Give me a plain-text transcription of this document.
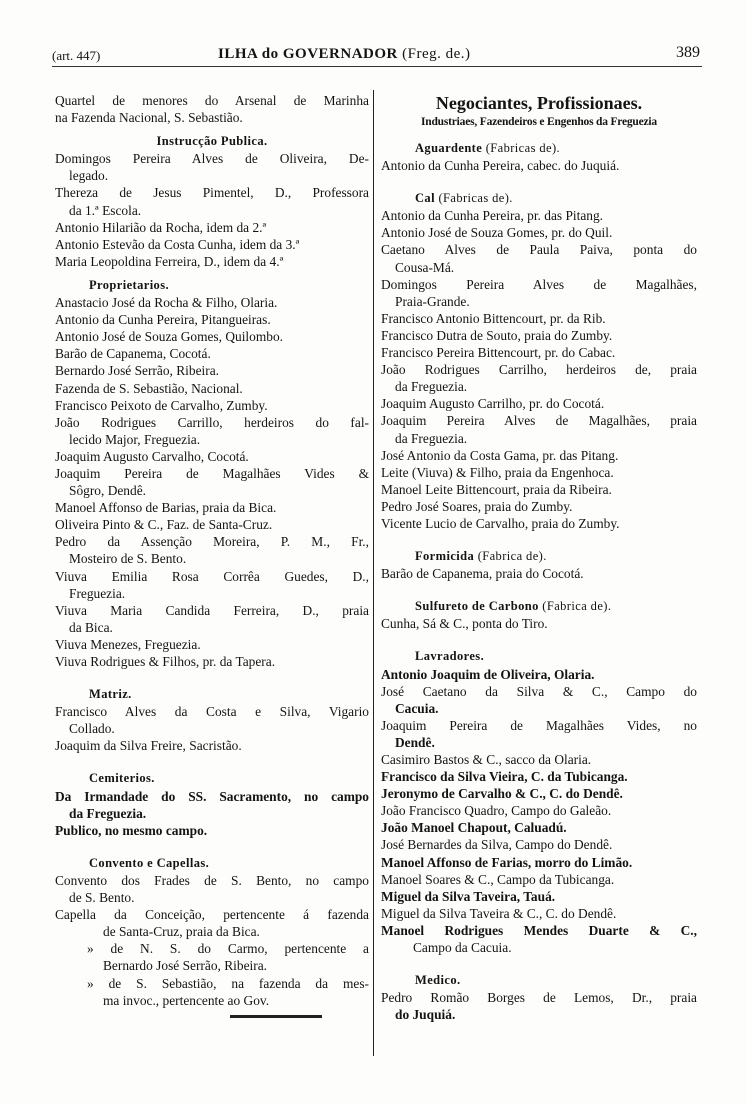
(art. 447)	ILHA do GOVERNADOR (Freg. de.)	389
Quartel de menores do Arsenal de Marinha
na Fazenda Nacional, S. Sebastião.
Instrucção Publica.
Domingos Pereira Alves de Oliveira, De-
legado.
Thereza de Jesus Pimentel, D., Professora
da 1.ª Escola.
Antonio Hilarião da Rocha, idem da 2.ª
Antonio Estevão da Costa Cunha, idem da 3.ª
Maria Leopoldina Ferreira, D., idem da 4.ª
Proprietarios.
Anastacio José da Rocha & Filho, Olaria.
Antonio da Cunha Pereira, Pitangueiras.
Antonio José de Souza Gomes, Quilombo.
Barão de Capanema, Cocotá.
Bernardo José Serrão, Ribeira.
Fazenda de S. Sebastião, Nacional.
Francisco Peixoto de Carvalho, Zumby.
João Rodrigues Carrillo, herdeiros do fal-
lecido Major, Freguezia.
Joaquim Augusto Carvalho, Cocotá.
Joaquim Pereira de Magalhães Vides &
Sôgro, Dendê.
Manoel Affonso de Barias, praia da Bica.
Oliveira Pinto & C., Faz. de Santa-Cruz.
Pedro da Assenção Moreira, P. M., Fr.,
Mosteiro de S. Bento.
Viuva Emilia Rosa Corrêa Guedes, D.,
Freguezia.
Viuva Maria Candida Ferreira, D., praia
da Bica.
Viuva Menezes, Freguezia.
Viuva Rodrigues & Filhos, pr. da Tapera.
Matriz.
Francisco Alves da Costa e Silva, Vigario
Collado.
Joaquim da Silva Freire, Sacristão.
Cemiterios.
Da Irmandade do SS. Sacramento, no campo
da Freguezia.
Publico, no mesmo campo.
Convento e Capellas.
Convento dos Frades de S. Bento, no campo
de S. Bento.
Capella da Conceição, pertencente á fazenda
de Santa-Cruz, praia da Bica.
» de N. S. do Carmo, pertencente a
Bernardo José Serrão, Ribeira.
» de S. Sebastião, na fazenda da mes-
ma invoc., pertencente ao Gov.
Negociantes, Profissionaes.
Industriaes, Fazendeiros e Engenhos da Freguezia
Aguardente (Fabricas de).
Antonio da Cunha Pereira, cabec. do Juquiá.
Cal (Fabricas de).
Antonio da Cunha Pereira, pr. das Pitang.
Antonio José de Souza Gomes, pr. do Quil.
Caetano Alves de Paula Paiva, ponta do
Cousa-Má.
Domingos Pereira Alves de Magalhães,
Praia-Grande.
Francisco Antonio Bittencourt, pr. da Rib.
Francisco Dutra de Souto, praia do Zumby.
Francisco Pereira Bittencourt, pr. do Cabac.
João Rodrigues Carrilho, herdeiros de, praia
da Freguezia.
Joaquim Augusto Carrilho, pr. do Cocotá.
Joaquim Pereira Alves de Magalhães, praia
da Freguezia.
José Antonio da Costa Gama, pr. das Pitang.
Leite (Viuva) & Filho, praia da Engenhoca.
Manoel Leite Bittencourt, praia da Ribeira.
Pedro José Soares, praia do Zumby.
Vicente Lucio de Carvalho, praia do Zumby.
Formicida (Fabrica de).
Barão de Capanema, praia do Cocotá.
Sulfureto de Carbono (Fabrica de).
Cunha, Sá & C., ponta do Tiro.
Lavradores.
Antonio Joaquim de Oliveira, Olaria.
José Caetano da Silva & C., Campo do
Cacuia.
Joaquim Pereira de Magalhães Vides, no
Dendê.
Casimiro Bastos & C., sacco da Olaria.
Francisco da Silva Vieira, C. da Tubicanga.
Jeronymo de Carvalho & C., C. do Dendê.
João Francisco Quadro, Campo do Galeão.
João Manoel Chapout, Caluadú.
José Bernardes da Silva, Campo do Dendê.
Manoel Affonso de Farias, morro do Limão.
Manoel Soares & C., Campo da Tubicanga.
Miguel da Silva Taveira, Tauá.
Miguel da Silva Taveira & C., C. do Dendê.
Manoel Rodrigues Mendes Duarte & C.,
Campo da Cacuia.
Medico.
Pedro Romão Borges de Lemos, Dr., praia
do Juquiá.
